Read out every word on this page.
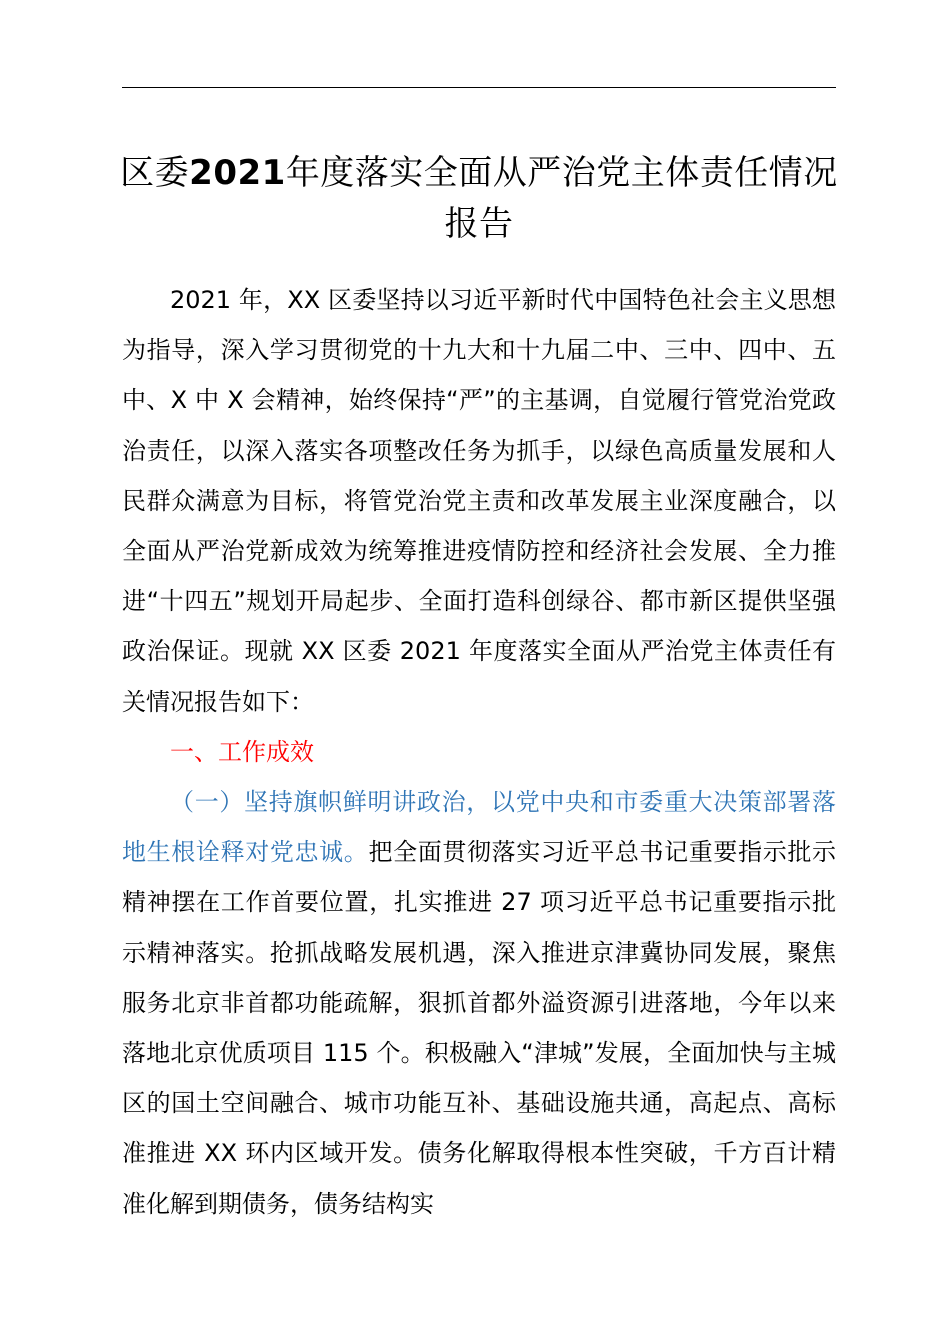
区委2021年度落实全面从严治党主体责任情况报告

2021 年，XX 区委坚持以习近平新时代中国特色社会主义思想为指导，深入学习贯彻党的十九大和十九届二中、三中、四中、五中、X 中 X 会精神，始终保持“严”的主基调，自觉履行管党治党政治责任，以深入落实各项整改任务为抓手，以绿色高质量发展和人民群众满意为目标，将管党治党主责和改革发展主业深度融合，以全面从严治党新成效为统筹推进疫情防控和经济社会发展、全力推进“十四五”规划开局起步、全面打造科创绿谷、都市新区提供坚强政治保证。现就 XX 区委 2021 年度落实全面从严治党主体责任有关情况报告如下：

一、工作成效

（一）坚持旗帜鲜明讲政治，以党中央和市委重大决策部署落地生根诠释对党忠诚。把全面贯彻落实习近平总书记重要指示批示精神摆在工作首要位置，扎实推进 27 项习近平总书记重要指示批示精神落实。抢抓战略发展机遇，深入推进京津冀协同发展，聚焦服务北京非首都功能疏解，狠抓首都外溢资源引进落地，今年以来落地北京优质项目 115 个。积极融入“津城”发展，全面加快与主城区的国土空间融合、城市功能互补、基础设施共通，高起点、高标准推进 XX 环内区域开发。债务化解取得根本性突破，千方百计精准化解到期债务，债务结构实
